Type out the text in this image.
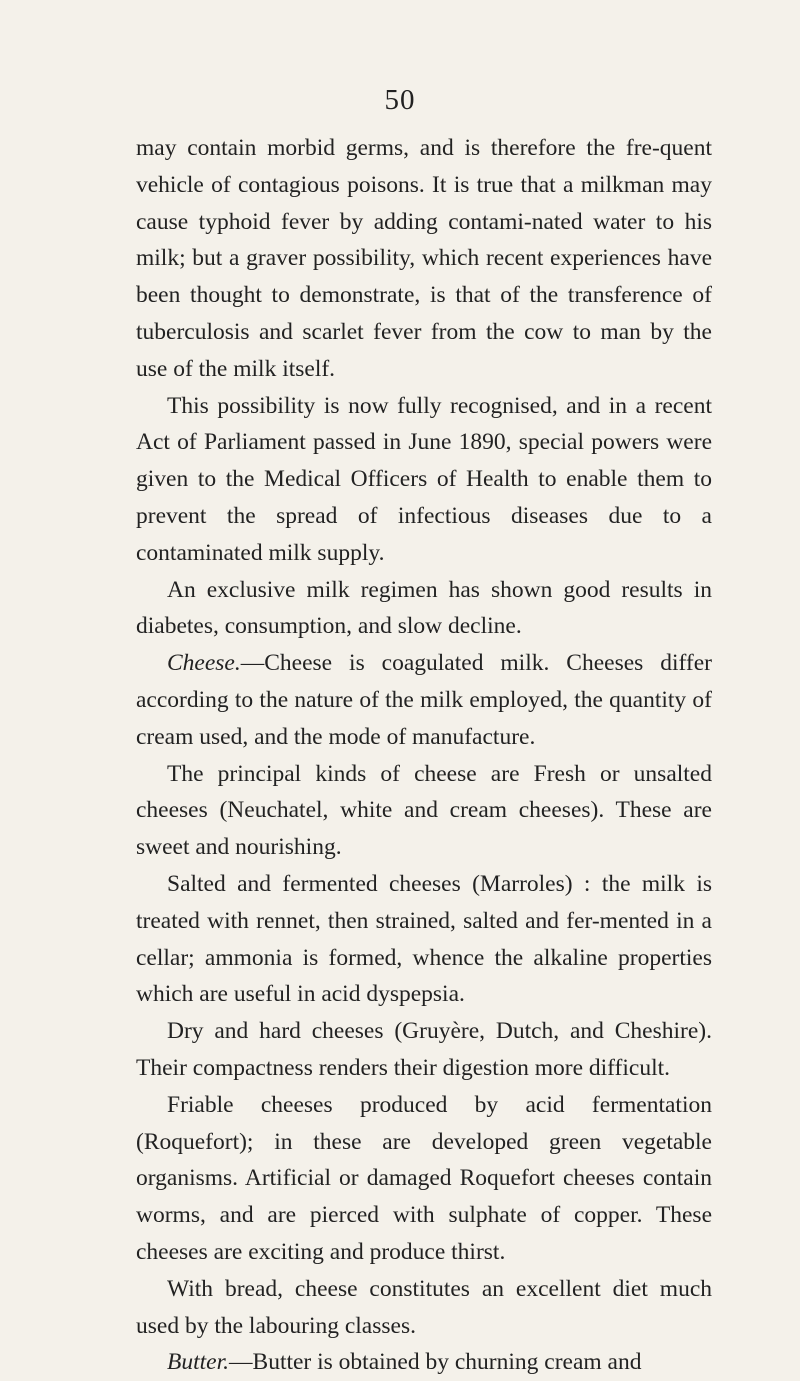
50

may contain morbid germs, and is therefore the fre-quent vehicle of contagious poisons. It is true that a milkman may cause typhoid fever by adding contami-nated water to his milk; but a graver possibility, which recent experiences have been thought to demonstrate, is that of the transference of tuberculosis and scarlet fever from the cow to man by the use of the milk itself.

This possibility is now fully recognised, and in a recent Act of Parliament passed in June 1890, special powers were given to the Medical Officers of Health to enable them to prevent the spread of infectious diseases due to a contaminated milk supply.

An exclusive milk regimen has shown good results in diabetes, consumption, and slow decline.

Cheese.—Cheese is coagulated milk. Cheeses differ according to the nature of the milk employed, the quantity of cream used, and the mode of manufacture.

The principal kinds of cheese are Fresh or unsalted cheeses (Neuchatel, white and cream cheeses). These are sweet and nourishing.

Salted and fermented cheeses (Marroles) : the milk is treated with rennet, then strained, salted and fer-mented in a cellar; ammonia is formed, whence the alkaline properties which are useful in acid dyspepsia.

Dry and hard cheeses (Gruyère, Dutch, and Cheshire). Their compactness renders their digestion more difficult.

Friable cheeses produced by acid fermentation (Roquefort); in these are developed green vegetable organisms. Artificial or damaged Roquefort cheeses contain worms, and are pierced with sulphate of copper. These cheeses are exciting and produce thirst.

With bread, cheese constitutes an excellent diet much used by the labouring classes.

Butter.—Butter is obtained by churning cream and
